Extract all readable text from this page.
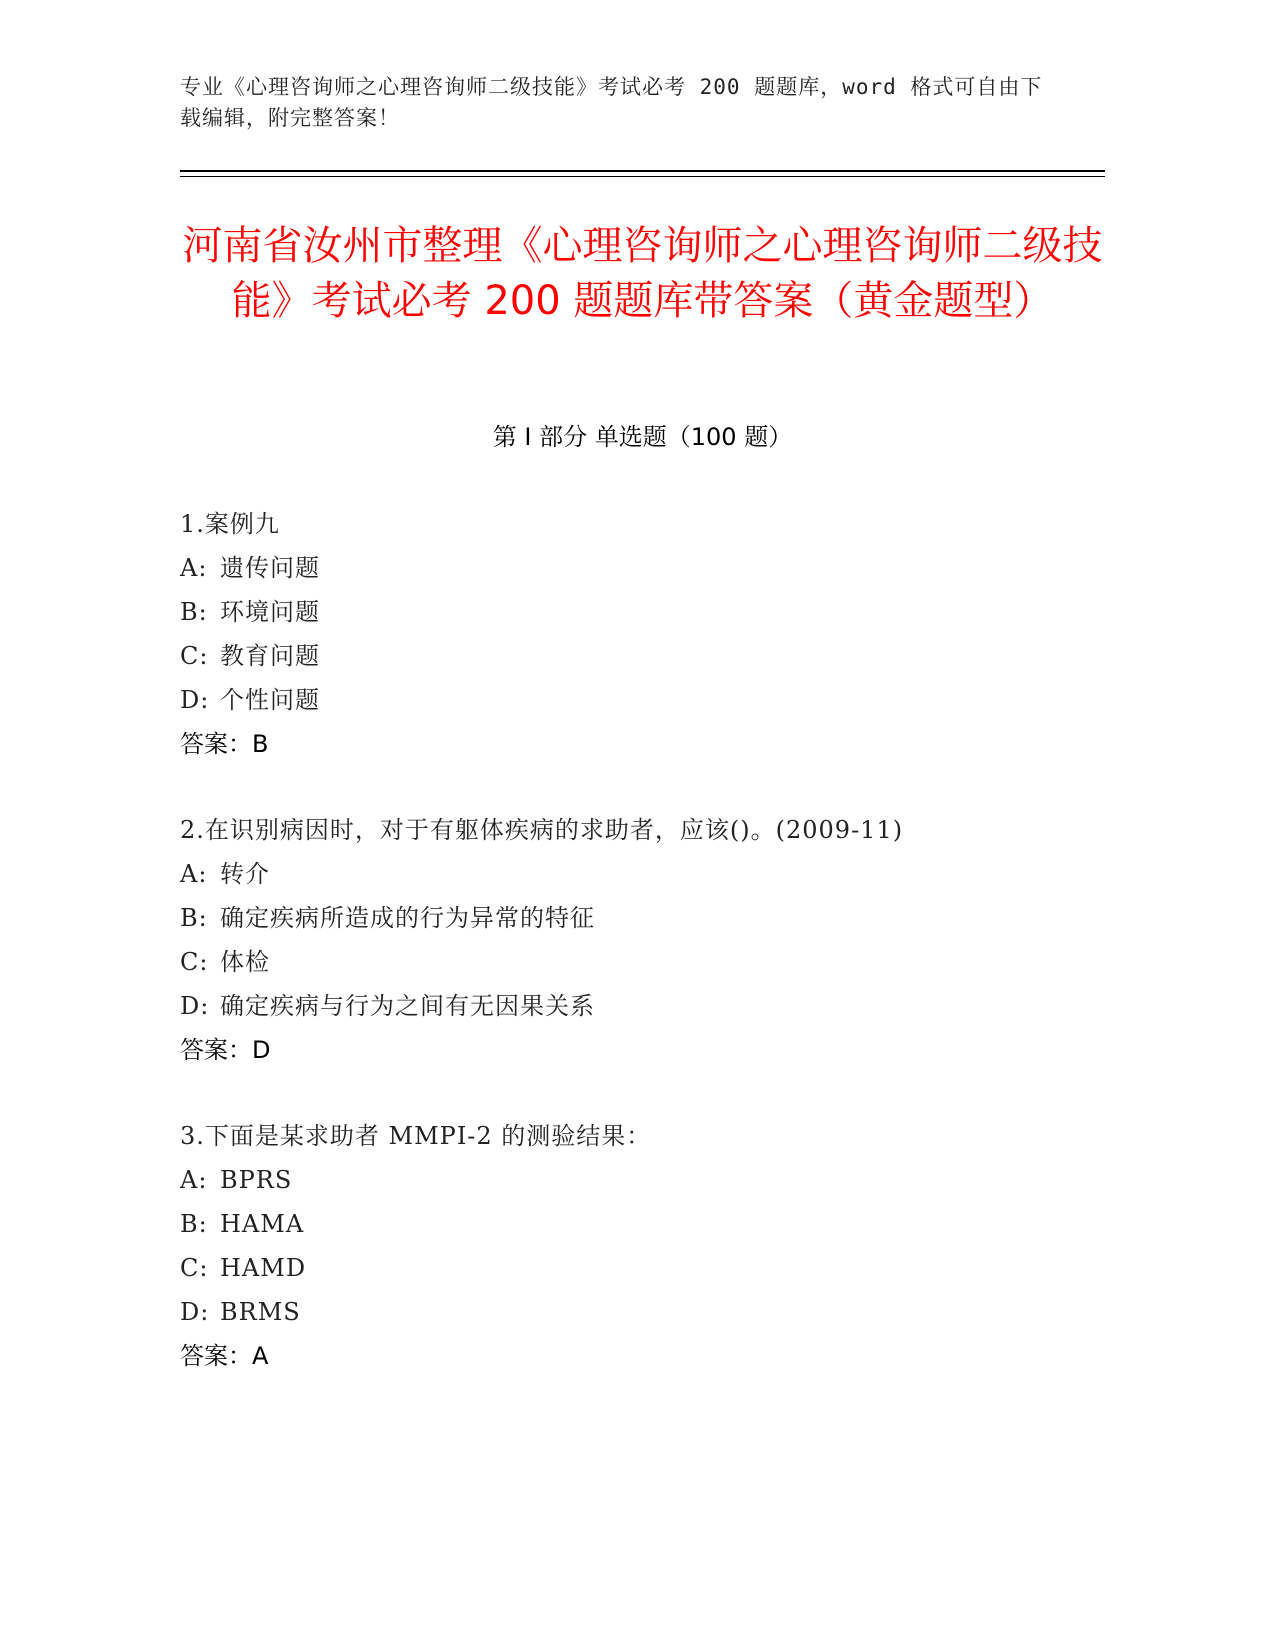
专业《心理咨询师之心理咨询师二级技能》考试必考 200 题题库，word 格式可自由下载编辑，附完整答案！
河南省汝州市整理《心理咨询师之心理咨询师二级技能》考试必考 200 题题库带答案（黄金题型）
第 I 部分 单选题（100 题）
1.案例九
A: 遗传问题
B: 环境问题
C: 教育问题
D: 个性问题
答案：B
2.在识别病因时，对于有躯体疾病的求助者，应该()。(2009-11)
A: 转介
B: 确定疾病所造成的行为异常的特征
C: 体检
D: 确定疾病与行为之间有无因果关系
答案：D
3.下面是某求助者 MMPI-2 的测验结果：
A: BPRS
B: HAMA
C: HAMD
D: BRMS
答案：A
